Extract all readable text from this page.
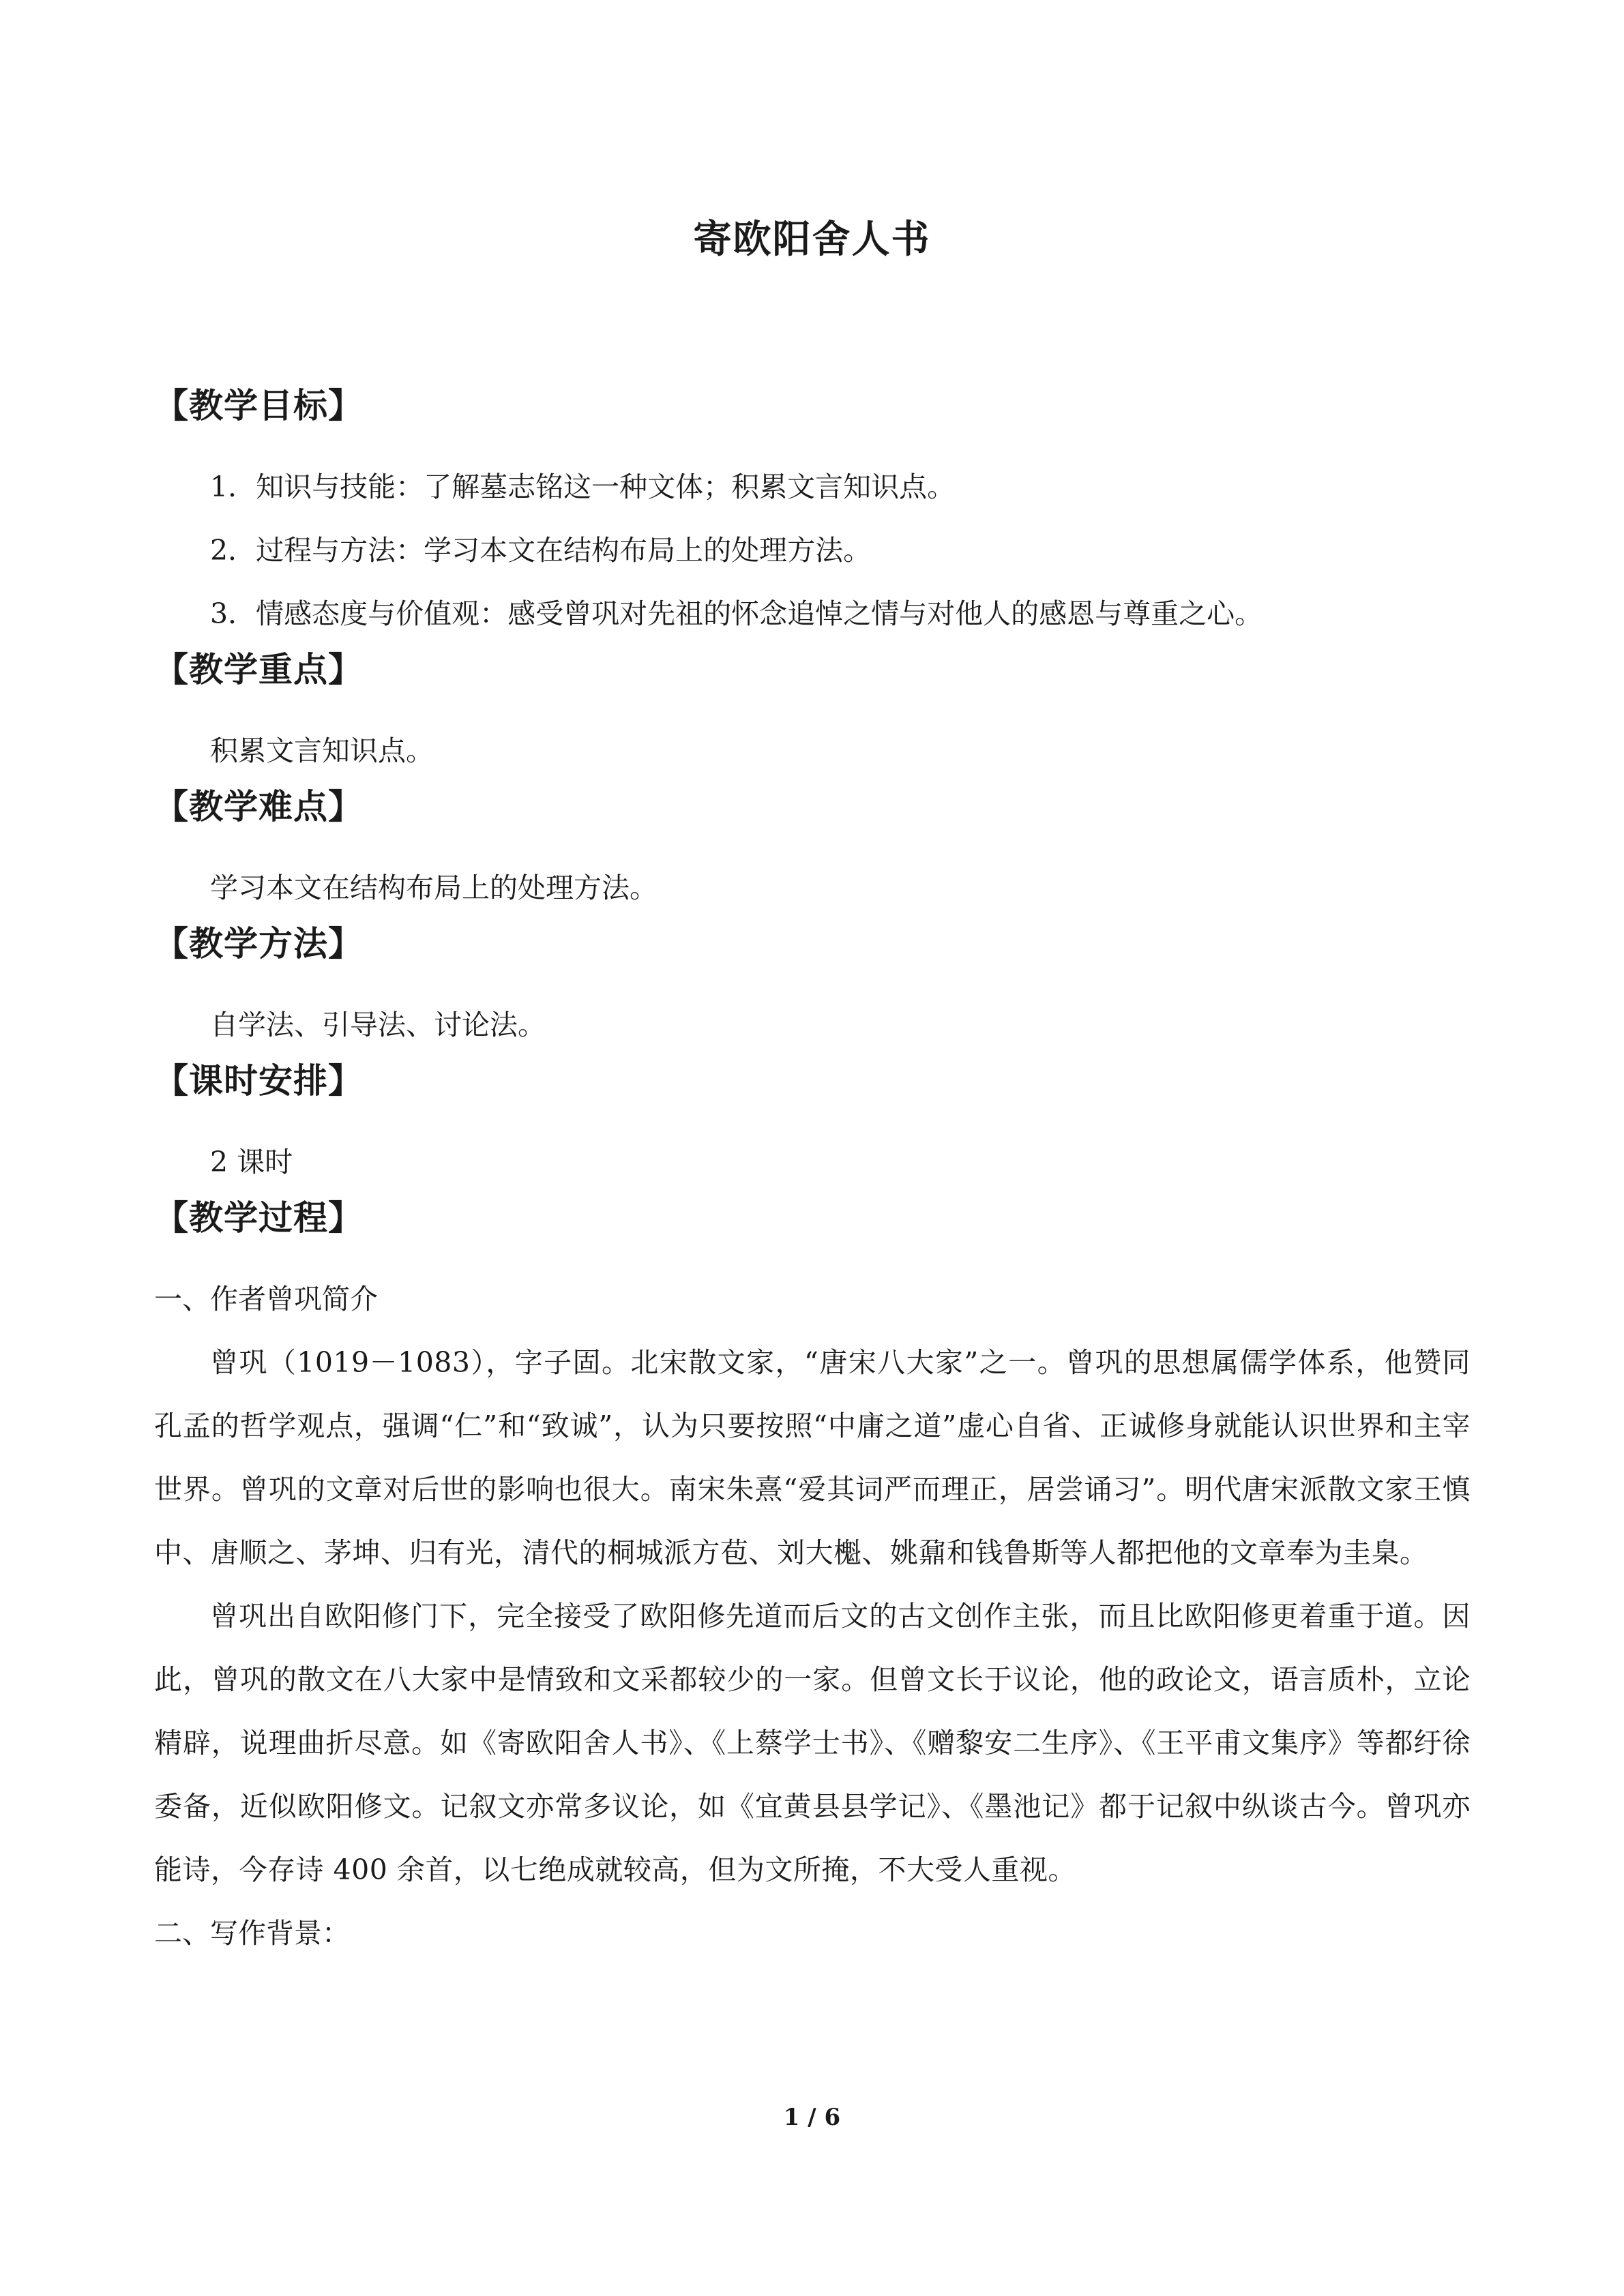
寄欧阳舍人书
【教学目标】

1．知识与技能：了解墓志铭这一种文体；积累文言知识点。

2．过程与方法：学习本文在结构布局上的处理方法。

3．情感态度与价值观：感受曾巩对先祖的怀念追悼之情与对他人的感恩与尊重之心。

【教学重点】

积累文言知识点。

【教学难点】

学习本文在结构布局上的处理方法。

【教学方法】

自学法、引导法、讨论法。

【课时安排】

2 课时

【教学过程】

一、作者曾巩简介

曾巩（1019－1083），字子固。北宋散文家，“唐宋八大家”之一。曾巩的思想属儒学体系，他赞同孔孟的哲学观点，强调“仁”和“致诚”，认为只要按照“中庸之道”虚心自省、正诚修身就能认识世界和主宰世界。曾巩的文章对后世的影响也很大。南宋朱熹“爱其词严而理正，居尝诵习”。明代唐宋派散文家王慎中、唐顺之、茅坤、归有光，清代的桐城派方苞、刘大櫆、姚鼐和钱鲁斯等人都把他的文章奉为圭臬。

曾巩出自欧阳修门下，完全接受了欧阳修先道而后文的古文创作主张，而且比欧阳修更着重于道。因此，曾巩的散文在八大家中是情致和文采都较少的一家。但曾文长于议论，他的政论文，语言质朴，立论精辟，说理曲折尽意。如《寄欧阳舍人书》、《上蔡学士书》、《赠黎安二生序》、《王平甫文集序》等都纡徐委备，近似欧阳修文。记叙文亦常多议论，如《宜黄县县学记》、《墨池记》都于记叙中纵谈古今。曾巩亦能诗，今存诗 400 余首，以七绝成就较高，但为文所掩，不大受人重视。

二、写作背景：

1 / 6
